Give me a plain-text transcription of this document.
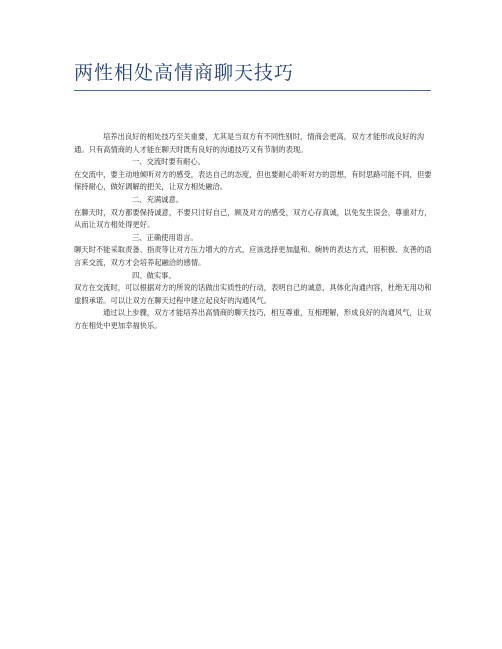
两性相处高情商聊天技巧

培养出良好的相处技巧至关重要，尤其是当双方有不同性别时，情商会更高，双方才能形成良好的沟通。只有高情商的人才能在聊天时既有良好的沟通技巧又有节制的表现。

一、交流时要有耐心。

在交流中，要主动地倾听对方的感受，表达自己的态度，但也要耐心聆听对方的思想，有时思路可能不同，但要保持耐心，做好调解的把关，让双方相处融洽。

二、充满诚意。

在聊天时，双方都要保持诚意，不要只讨好自己，顾及对方的感受，双方心存真诚，以免发生误会，尊重对方，从而让双方相处得更好。

三、正确使用语言。

聊天时不能采取责备、指责等让对方压力增大的方式，应该选择更加温和、婉转的表达方式，用积极、友善的语言来交流，双方才会培养起融洽的感情。

四、做实事。

双方在交流时，可以根据对方的所说的话做出实质性的行动，表明自己的诚意，具体化沟通内容，杜绝无用功和虚假承诺。可以让双方在聊天过程中建立起良好的沟通风气。

通过以上步骤，双方才能培养出高情商的聊天技巧，相互尊重，互相理解，形成良好的沟通风气，让双方在相处中更加幸福快乐。
